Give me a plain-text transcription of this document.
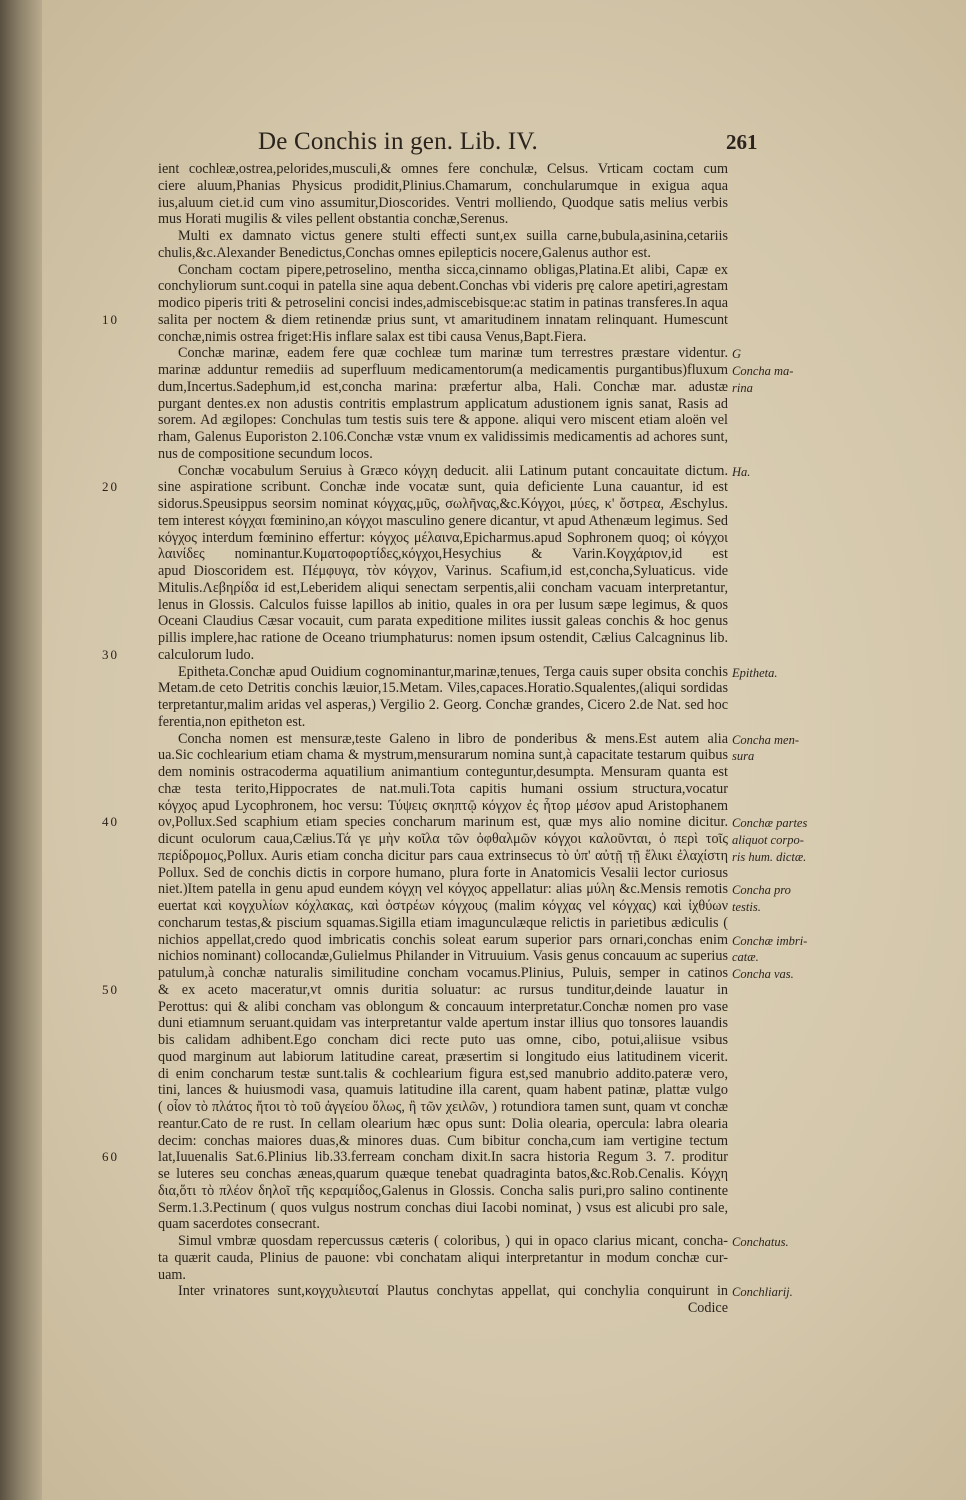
De Conchis in gen. Lib. IV.	261
ient cochleæ,ostrea,pelorides,musculi,& omnes fere conchulæ, Celsus. Vrticam coctam cum
ciere aluum,Phanias Physicus prodidit,Plinius.Chamarum, conchularumque in exigua aqua
ius,aluum ciet.id cum vino assumitur,Dioscorides. Ventri molliendo, Quodque satis melius verbis
mus Horati mugilis & viles pellent obstantia conchæ,Serenus.
Multi ex damnato victus genere stulti effecti sunt,ex suilla carne,bubula,asinina,cetariis
chulis,&c.Alexander Benedictus,Conchas omnes epilepticis nocere,Galenus author est.
Concham coctam pipere,petroselino, mentha sicca,cinnamo obligas,Platina.Et alibi, Capæ ex
conchyliorum sunt.coqui in patella sine aqua debent.Conchas vbi videris prę calore apetiri,agrestam
modico piperis triti & petroselini concisi indes,admiscebisque:ac statim in patinas transferes.In aqua
salita per noctem & diem retinendæ prius sunt, vt amaritudinem innatam relinquant. Humescunt
10
conchæ,nimis ostrea friget:His inflare salax est tibi causa Venus,Bapt.Fiera.
Conchæ marinæ, eadem fere quæ cochleæ tum marinæ tum terrestres præstare videntur. G
marinæ adduntur remediis ad superfluum medicamentorum(a medicamentis purgantibus)fluxum Concha ma-
dum,Incertus.Sadephum,id est,concha marina: præfertur alba, Hali. Conchæ mar. adustæ rina
purgant dentes.ex non adustis contritis emplastrum applicatum adustionem ignis sanat, Rasis ad
sorem. Ad ægilopes: Conchulas tum testis suis tere & appone. aliqui vero miscent etiam aloën vel
rham, Galenus Euporiston 2.106.Conchæ vstæ vnum ex validissimis medicamentis ad achores sunt,
nus de compositione secundum locos.
Conchæ vocabulum Seruius à Græco κόγχη deducit. alii Latinum putant concauitate dictum. Ha.
sine aspiratione scribunt. Conchæ inde vocatæ sunt, quia deficiente Luna cauantur, id est
20
sidorus.Speusippus seorsim nominat κόγχας,μῦς, σωλῆνας,&c.Κόγχοι, μύες, κ' ὄστρεα, Æschylus.
tem interest κόγχαι fœminino,an κόγχοι masculino genere dicantur, vt apud Athenæum legimus. Sed
κόγχος interdum fœminino effertur: κόγχος μέλαινα,Epicharmus.apud Sophronem quoq; οἱ κόγχοι
λαινίδες nominantur.Κυματοφορτίδες,κόγχοι,Hesychius & Varin.Κογχάριον,id est
apud Dioscoridem est. Πέμφυγα, τὸν κόγχον, Varinus. Scafium,id est,concha,Syluaticus. vide
Mitulis.Λεβηρίδα id est,Leberidem aliqui senectam serpentis,alii concham vacuam interpretantur,
lenus in Glossis. Calculos fuisse lapillos ab initio, quales in ora per lusum sæpe legimus, & quos
Oceani Claudius Cæsar vocauit, cum parata expeditione milites iussit galeas conchis & hoc genus
pillis implere,hac ratione de Oceano triumphaturus: nomen ipsum ostendit, Cælius Calcagninus lib.
calculorum ludo.
30
Epitheta.Conchæ apud Ouidium cognominantur,marinæ,tenues, Terga cauis super obsita conchis Epitheta.
Metam.de ceto Detritis conchis læuior,15.Metam. Viles,capaces.Horatio.Squalentes,(aliqui sordidas
terpretantur,malim aridas vel asperas,) Vergilio 2. Georg. Conchæ grandes, Cicero 2.de Nat. sed hoc
ferentia,non epitheton est.
Concha nomen est mensuræ,teste Galeno in libro de ponderibus & mens.Est autem alia Concha men-
ua.Sic cochlearium etiam chama & mystrum,mensurarum nomina sunt,à capacitate testarum quibus sura
dem nominis ostracoderma aquatilium animantium conteguntur,desumpta. Mensuram quanta est
chæ testa terito,Hippocrates de nat.muli.Tota capitis humani ossium structura,vocatur
κόγχος apud Lycophronem, hoc versu: Τύψεις σκηπτῷ κόγχον ἐς ἧτορ μέσον apud Aristophanem
ον,Pollux.Sed scaphium etiam species concharum marinum est, quæ mys alio nomine dicitur.
40	Conchæ partes
dicunt oculorum caua,Cælius.Τά γε μὴν κοῖλα τῶν ὀφθαλμῶν κόγχοι καλοῦνται, ὁ περὶ τοῖς aliquot corpo-
περίδρομος,Pollux. Auris etiam concha dicitur pars caua extrinsecus τὸ ὑπ' αὐτῇ τῇ ἕλικι ἐλαχίστη ris hum. dictæ.
Pollux. Sed de conchis dictis in corpore humano, plura forte in Anatomicis Vesalii lector curiosus
niet.)Item patella in genu apud eundem κόγχη vel κόγχος appellatur: alias μύλη &c.Mensis remotis Concha pro
euertat καὶ κογχυλίων κόχλακας, καὶ ὀστρέων κόγχους (malim κόγχας vel κόγχας) καὶ ἰχθύων testis.
concharum testas,& piscium squamas.Sigilla etiam imagunculæque relictis in parietibus ædiculis (
nichios appellat,credo quod imbricatis conchis soleat earum superior pars ornari,conchas enim Conchæ imbri-
nichios nominant) collocandæ,Gulielmus Philander in Vitruuium. Vasis genus concauum ac superius catæ.
patulum,à conchæ naturalis similitudine concham vocamus.Plinius, Puluis, semper in catinos Concha vas.
& ex aceto maceratur,vt omnis duritia soluatur: ac rursus tunditur,deinde lauatur in
50
Perottus: qui & alibi concham vas oblongum & concauum interpretatur.Conchæ nomen pro vase
duni etiamnum seruant.quidam vas interpretantur valde apertum instar illius quo tonsores lauandis
bis calidam adhibent.Ego concham dici recte puto uas omne, cibo, potui,aliisue vsibus
quod marginum aut labiorum latitudine careat, præsertim si longitudo eius latitudinem vicerit.
di enim concharum testæ sunt.talis & cochlearium figura est,sed manubrio addito.pateræ vero,
tini, lances & huiusmodi vasa, quamuis latitudine illa carent, quam habent patinæ, plattæ vulgo
( οἷον τὸ πλάτος ἤτοι τὸ τοῦ ἀγγείου ὅλως, ἢ τῶν χειλῶν, ) rotundiora tamen sunt, quam vt conchæ
reantur.Cato de re rust. In cellam olearium hæc opus sunt: Dolia olearia, opercula: labra olearia
decim: conchas maiores duas,& minores duas. Cum bibitur concha,cum iam vertigine tectum
lat,Iuuenalis Sat.6.Plinius lib.33.ferream concham dixit.In sacra historia Regum 3. 7. proditur
60
se luteres seu conchas æneas,quarum quæque tenebat quadraginta batos,&c.Rob.Cenalis. Κόγχη
δια,ὅτι τὸ πλέον δηλοῖ τῆς κεραμίδος,Galenus in Glossis. Concha salis puri,pro salino continente
Serm.1.3.Pectinum ( quos vulgus nostrum conchas diui Iacobi nominat, ) vsus est alicubi pro sale,
quam sacerdotes consecrant.
Simul vmbræ quosdam repercussus cæteris ( coloribus, ) qui in opaco clarius micant, concha- Conchatus.
ta quærit cauda, Plinius de pauone: vbi conchatam aliqui interpretantur in modum conchæ cur-
uam.
Inter vrinatores sunt,κογχυλιευταί Plautus conchytas appellat, qui conchylia conquirunt in Conchliarij.
Codice
